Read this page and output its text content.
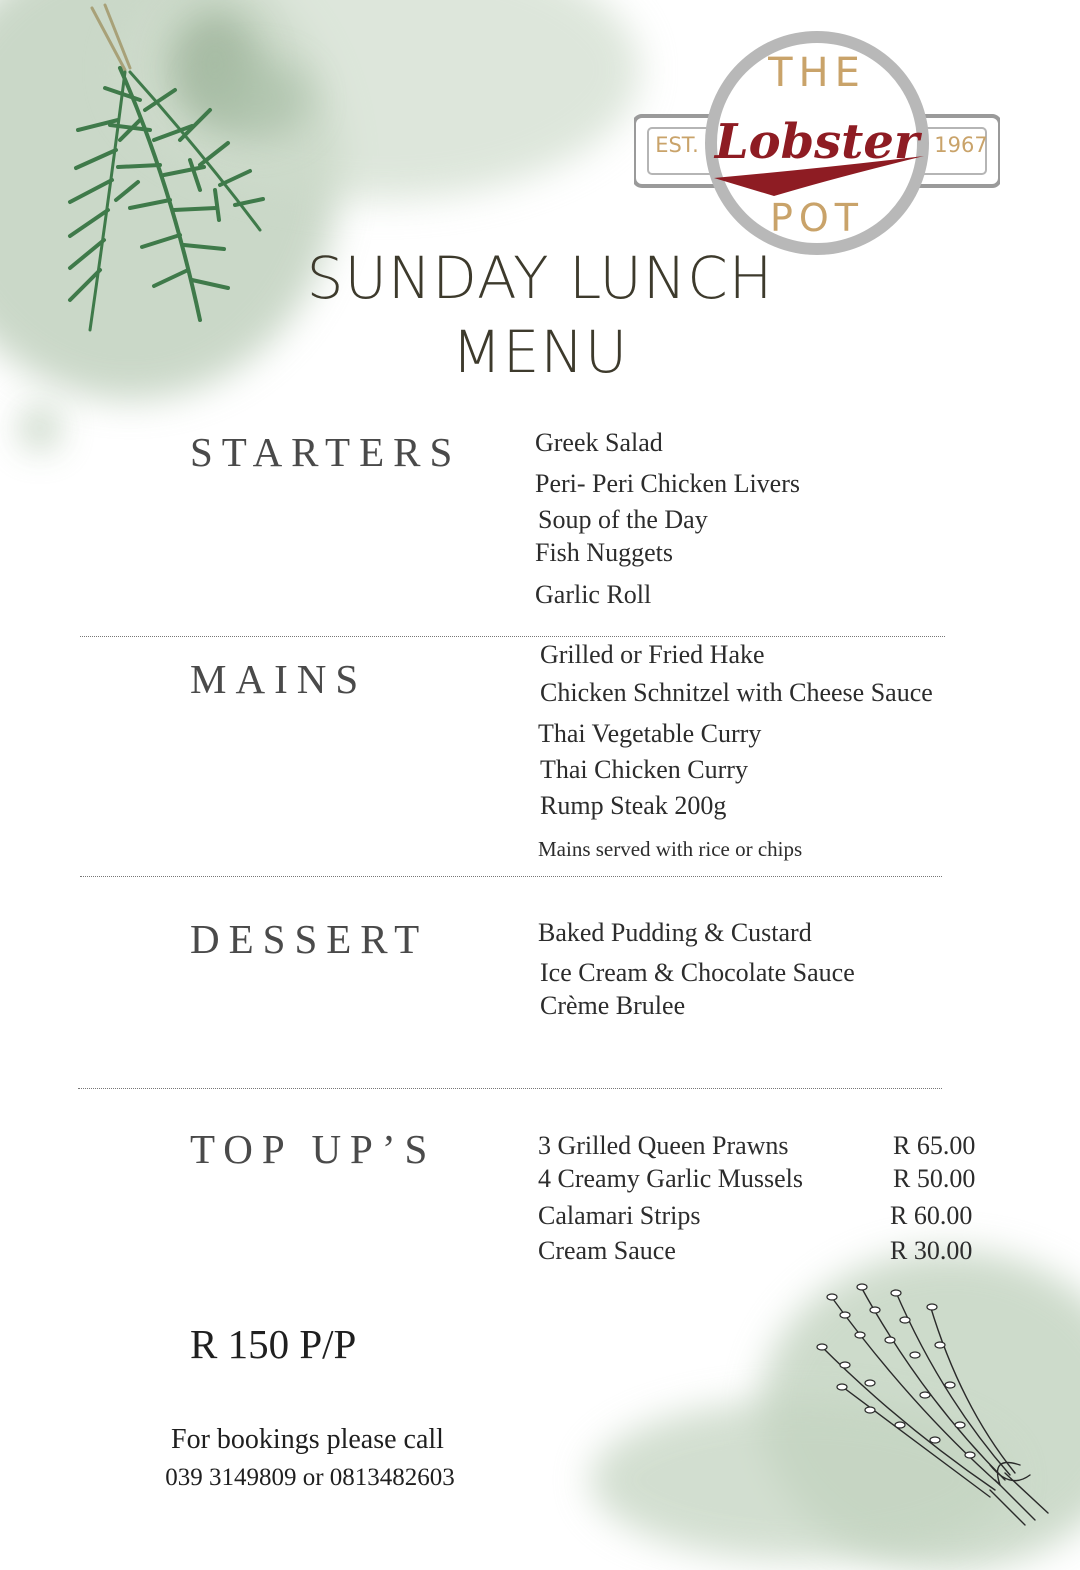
THE
EST.	1967
Lobster
POT
SUNDAY LUNCH
MENU
STARTERS	Greek Salad

Peri- Peri Chicken Livers

Soup of the Day

Fish Nuggets

Garlic Roll

MAINS

Grilled or Fried Hake

Chicken Schnitzel with Cheese Sauce

Thai Vegetable Curry

Thai Chicken Curry

Rump Steak 200g

Mains served with rice or chips

DESSERT	Baked Pudding & Custard

Ice Cream & Chocolate Sauce

Crème Brulee

TOP UP’S	3 Grilled Queen Prawns	R 65.00

4 Creamy Garlic Mussels	R 50.00

Calamari Strips	R 60.00

Cream Sauce	R 30.00
R 150 P/P
For bookings please call
039 3149809 or 0813482603
